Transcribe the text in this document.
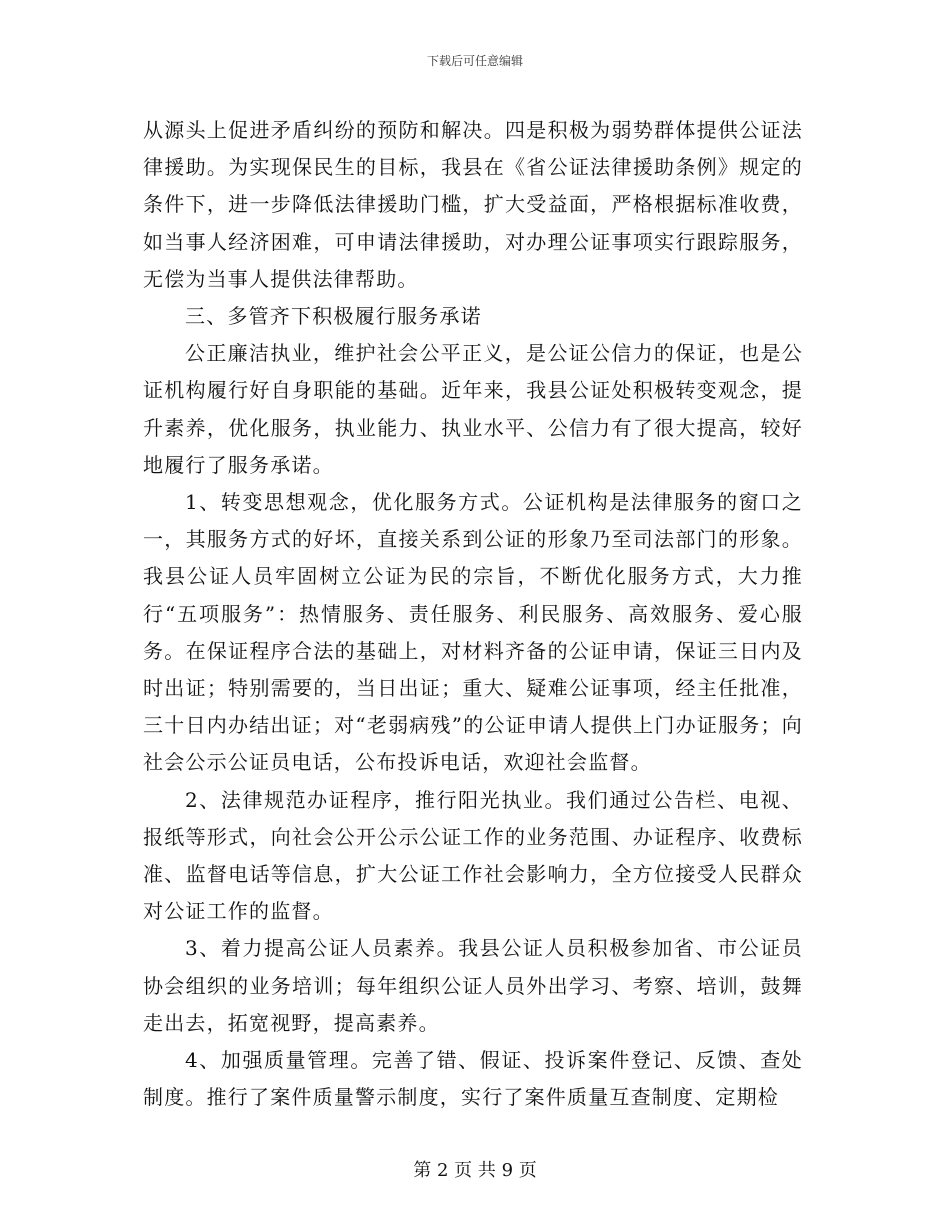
下载后可任意编辑

从源头上促进矛盾纠纷的预防和解决。四是积极为弱势群体提供公证法律援助。为实现保民生的目标，我县在《省公证法律援助条例》规定的条件下，进一步降低法律援助门槛，扩大受益面，严格根据标准收费，如当事人经济困难，可申请法律援助，对办理公证事项实行跟踪服务，无偿为当事人提供法律帮助。

三、多管齐下积极履行服务承诺

公正廉洁执业，维护社会公平正义，是公证公信力的保证，也是公证机构履行好自身职能的基础。近年来，我县公证处积极转变观念，提升素养，优化服务，执业能力、执业水平、公信力有了很大提高，较好地履行了服务承诺。

1、转变思想观念，优化服务方式。公证机构是法律服务的窗口之一，其服务方式的好坏，直接关系到公证的形象乃至司法部门的形象。我县公证人员牢固树立公证为民的宗旨，不断优化服务方式，大力推行“五项服务”：热情服务、责任服务、利民服务、高效服务、爱心服务。在保证程序合法的基础上，对材料齐备的公证申请，保证三日内及时出证；特别需要的，当日出证；重大、疑难公证事项，经主任批准，三十日内办结出证；对“老弱病残”的公证申请人提供上门办证服务；向社会公示公证员电话，公布投诉电话，欢迎社会监督。

2、法律规范办证程序，推行阳光执业。我们通过公告栏、电视、报纸等形式，向社会公开公示公证工作的业务范围、办证程序、收费标准、监督电话等信息，扩大公证工作社会影响力，全方位接受人民群众对公证工作的监督。

3、着力提高公证人员素养。我县公证人员积极参加省、市公证员协会组织的业务培训；每年组织公证人员外出学习、考察、培训，鼓舞走出去，拓宽视野，提高素养。

4、加强质量管理。完善了错、假证、投诉案件登记、反馈、查处制度。推行了案件质量警示制度，实行了案件质量互查制度、定期检

第 2 页 共 9 页
